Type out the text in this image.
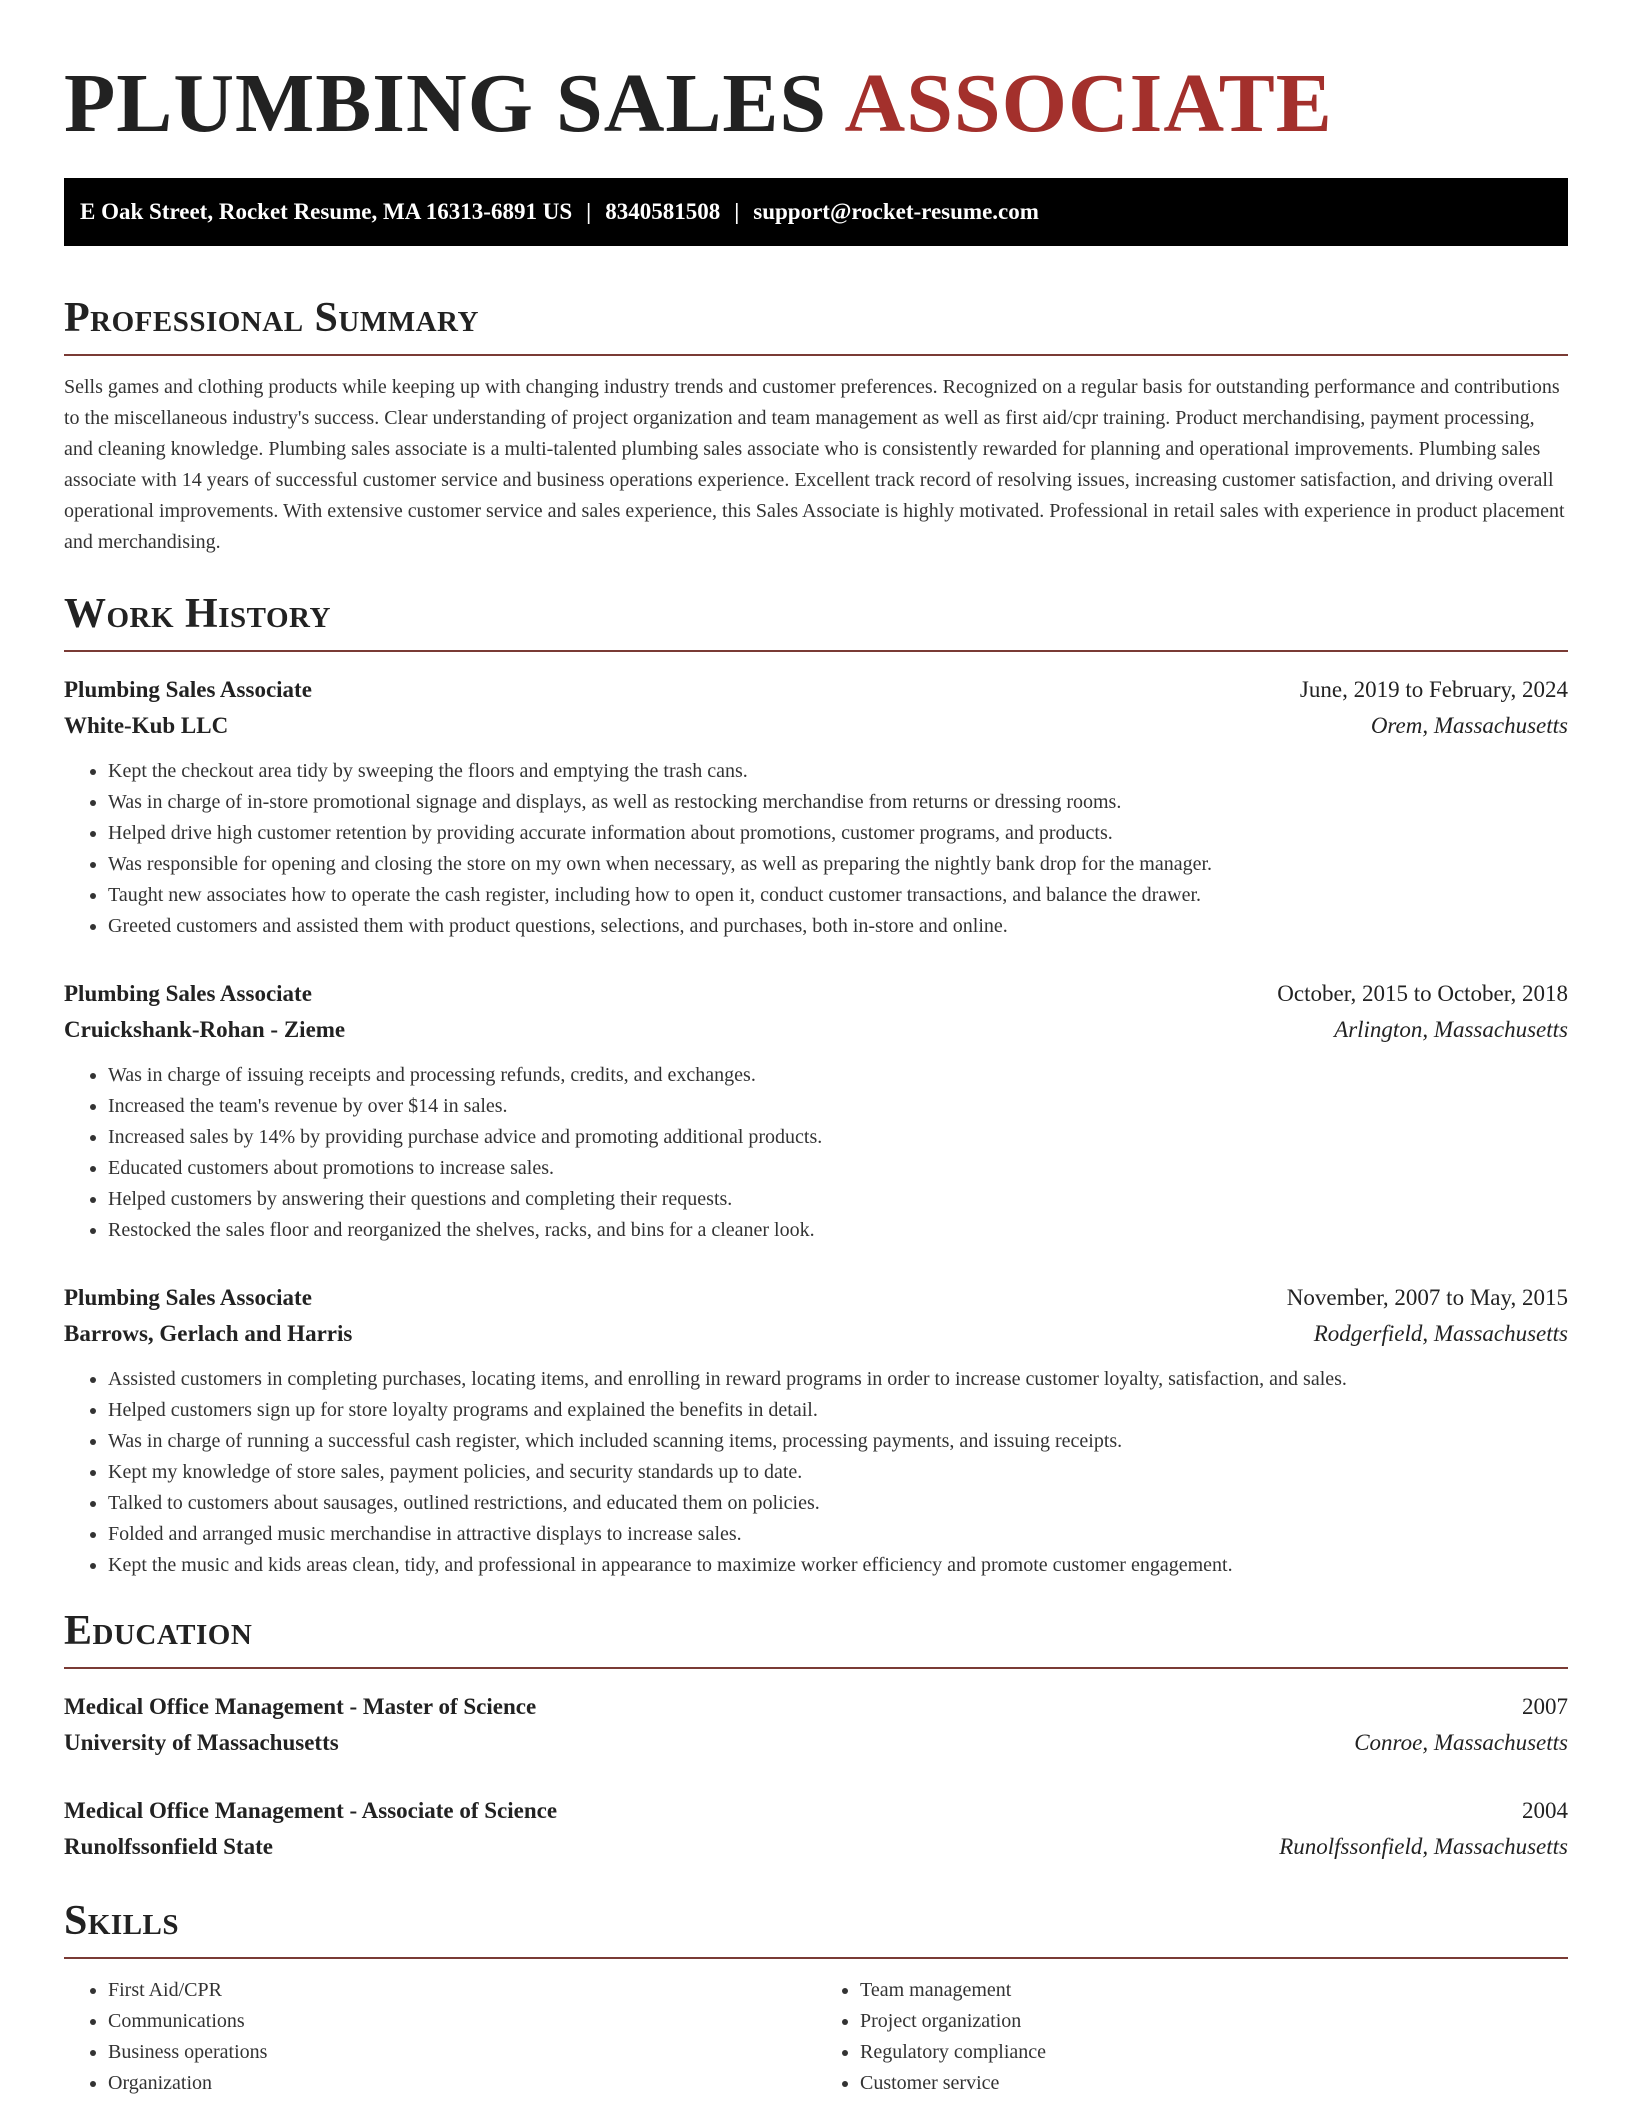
PLUMBING SALES ASSOCIATE
E Oak Street, Rocket Resume, MA 16313-6891 US | 8340581508 | support@rocket-resume.com
Professional Summary

Sells games and clothing products while keeping up with changing industry trends and customer preferences. Recognized on a regular basis for outstanding performance and contributions to the miscellaneous industry's success. Clear understanding of project organization and team management as well as first aid/cpr training. Product merchandising, payment processing, and cleaning knowledge. Plumbing sales associate is a multi-talented plumbing sales associate who is consistently rewarded for planning and operational improvements. Plumbing sales associate with 14 years of successful customer service and business operations experience. Excellent track record of resolving issues, increasing customer satisfaction, and driving overall operational improvements. With extensive customer service and sales experience, this Sales Associate is highly motivated. Professional in retail sales with experience in product placement and merchandising.

Work History
Plumbing Sales Associate	June, 2019 to February, 2024
White-Kub LLC	Orem, Massachusetts
• Kept the checkout area tidy by sweeping the floors and emptying the trash cans.
• Was in charge of in-store promotional signage and displays, as well as restocking merchandise from returns or dressing rooms.
• Helped drive high customer retention by providing accurate information about promotions, customer programs, and products.
• Was responsible for opening and closing the store on my own when necessary, as well as preparing the nightly bank drop for the manager.
• Taught new associates how to operate the cash register, including how to open it, conduct customer transactions, and balance the drawer.
• Greeted customers and assisted them with product questions, selections, and purchases, both in-store and online.
Plumbing Sales Associate	October, 2015 to October, 2018
Cruickshank-Rohan - Zieme	Arlington, Massachusetts
• Was in charge of issuing receipts and processing refunds, credits, and exchanges.
• Increased the team's revenue by over $14 in sales.
• Increased sales by 14% by providing purchase advice and promoting additional products.
• Educated customers about promotions to increase sales.
• Helped customers by answering their questions and completing their requests.
• Restocked the sales floor and reorganized the shelves, racks, and bins for a cleaner look.
Plumbing Sales Associate	November, 2007 to May, 2015
Barrows, Gerlach and Harris	Rodgerfield, Massachusetts
• Assisted customers in completing purchases, locating items, and enrolling in reward programs in order to increase customer loyalty, satisfaction, and sales.
• Helped customers sign up for store loyalty programs and explained the benefits in detail.
• Was in charge of running a successful cash register, which included scanning items, processing payments, and issuing receipts.
• Kept my knowledge of store sales, payment policies, and security standards up to date.
• Talked to customers about sausages, outlined restrictions, and educated them on policies.
• Folded and arranged music merchandise in attractive displays to increase sales.
• Kept the music and kids areas clean, tidy, and professional in appearance to maximize worker efficiency and promote customer engagement.
Education
Medical Office Management - Master of Science	2007
University of Massachusetts	Conroe, Massachusetts
Medical Office Management - Associate of Science	2004
Runolfssonfield State	Runolfssonfield, Massachusetts
Skills
• First Aid/CPR
• Communications
• Business operations
• Organization
• Team management
• Project organization
• Regulatory compliance
• Customer service
